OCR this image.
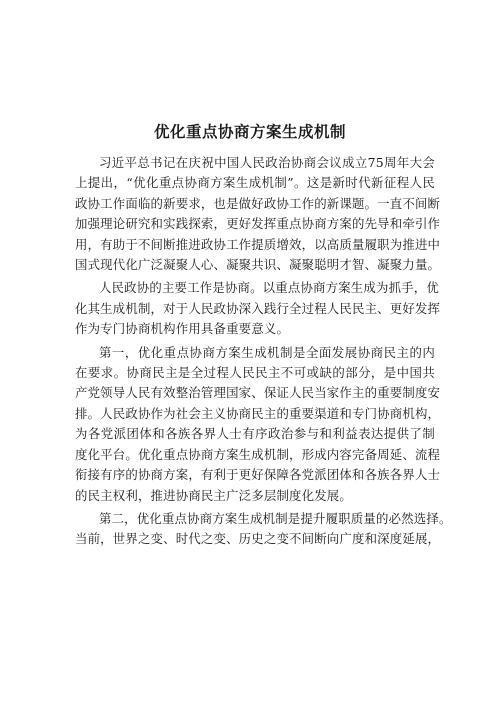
优化重点协商方案生成机制

习近平总书记在庆祝中国人民政治协商会议成立75周年大会
上提出，“优化重点协商方案生成机制”。这是新时代新征程人民
政协工作面临的新要求，也是做好政协工作的新课题。一直不间断
加强理论研究和实践探索，更好发挥重点协商方案的先导和牵引作
用，有助于不间断推进政协工作提质增效，以高质量履职为推进中
国式现代化广泛凝聚人心、凝聚共识、凝聚聪明才智、凝聚力量。

人民政协的主要工作是协商。以重点协商方案生成为抓手，优
化其生成机制，对于人民政协深入践行全过程人民民主、更好发挥
作为专门协商机构作用具备重要意义。

第一，优化重点协商方案生成机制是全面发展协商民主的内
在要求。协商民主是全过程人民民主不可或缺的部分，是中国共
产党领导人民有效整治管理国家、保证人民当家作主的重要制度安
排。人民政协作为社会主义协商民主的重要渠道和专门协商机构，
为各党派团体和各族各界人士有序政治参与和利益表达提供了制
度化平台。优化重点协商方案生成机制，形成内容完备周延、流程
衔接有序的协商方案，有利于更好保障各党派团体和各族各界人士
的民主权利，推进协商民主广泛多层制度化发展。

第二，优化重点协商方案生成机制是提升履职质量的必然选择。
当前，世界之变、时代之变、历史之变不间断向广度和深度延展，
